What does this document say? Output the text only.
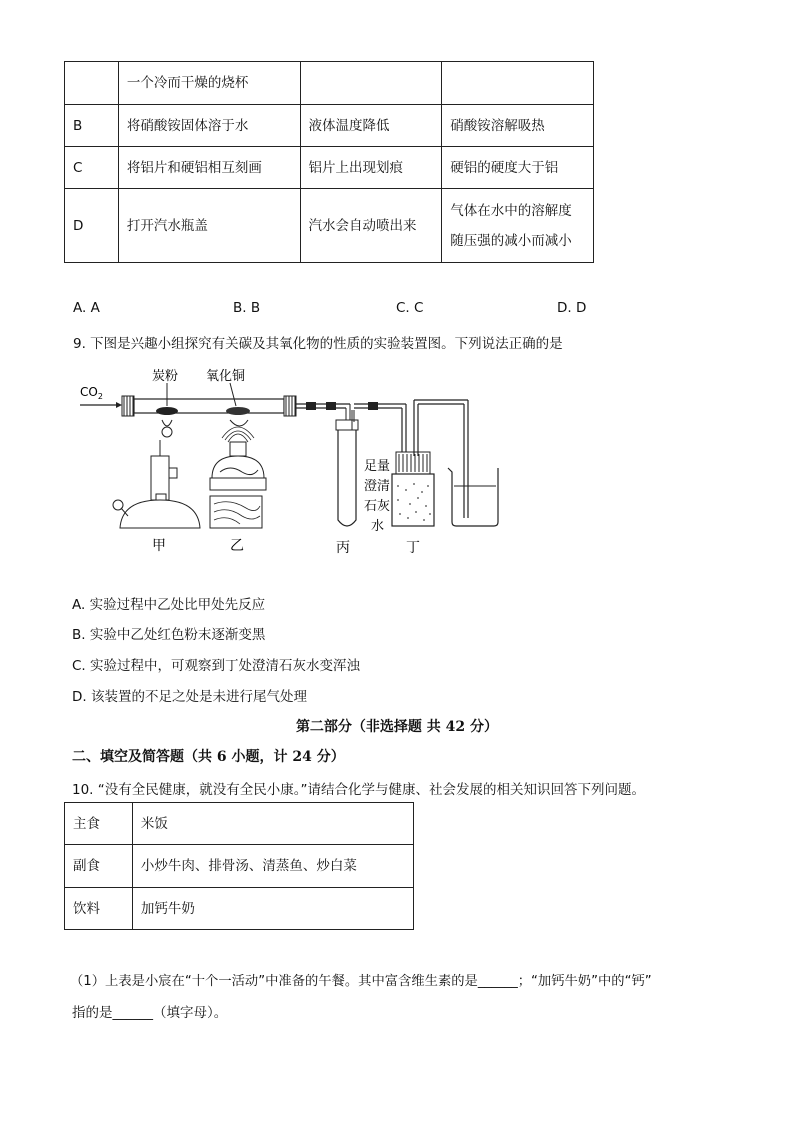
	一个冷而干燥的烧杯		
B	将硝酸铵固体溶于水	液体温度降低	硝酸铵溶解吸热
C	将铝片和硬铝相互刻画	铝片上出现划痕	硬铝的硬度大于铝
D	打开汽水瓶盖	汽水会自动喷出来	气体在水中的溶解度
随压强的减小而减小
A. A	B. B	C. C	D. D
9. 下图是兴趣小组探究有关碳及其氧化物的性质的实验装置图。下列说法正确的是
$CO_2$
炭粉 氧化铜
足量
澄清
石灰
水
甲	乙	丙	丁
A. 实验过程中乙处比甲处先反应
B. 实验中乙处红色粉末逐渐变黑
C. 实验过程中，可观察到丁处澄清石灰水变浑浊
D. 该装置的不足之处是未进行尾气处理
第二部分（非选择题 共 42 分）
二、填空及简答题（共 6 小题，计 24 分）
10. “没有全民健康，就没有全民小康。”请结合化学与健康、社会发展的相关知识回答下列问题。
主食	米饭
副食	小炒牛肉、排骨汤、清蒸鱼、炒白菜
饮料	加钙牛奶
（1）上表是小宸在“十个一活动”中准备的午餐。其中富含维生素的是______；“加钙牛奶”中的“钙”
指的是______（填字母）。
